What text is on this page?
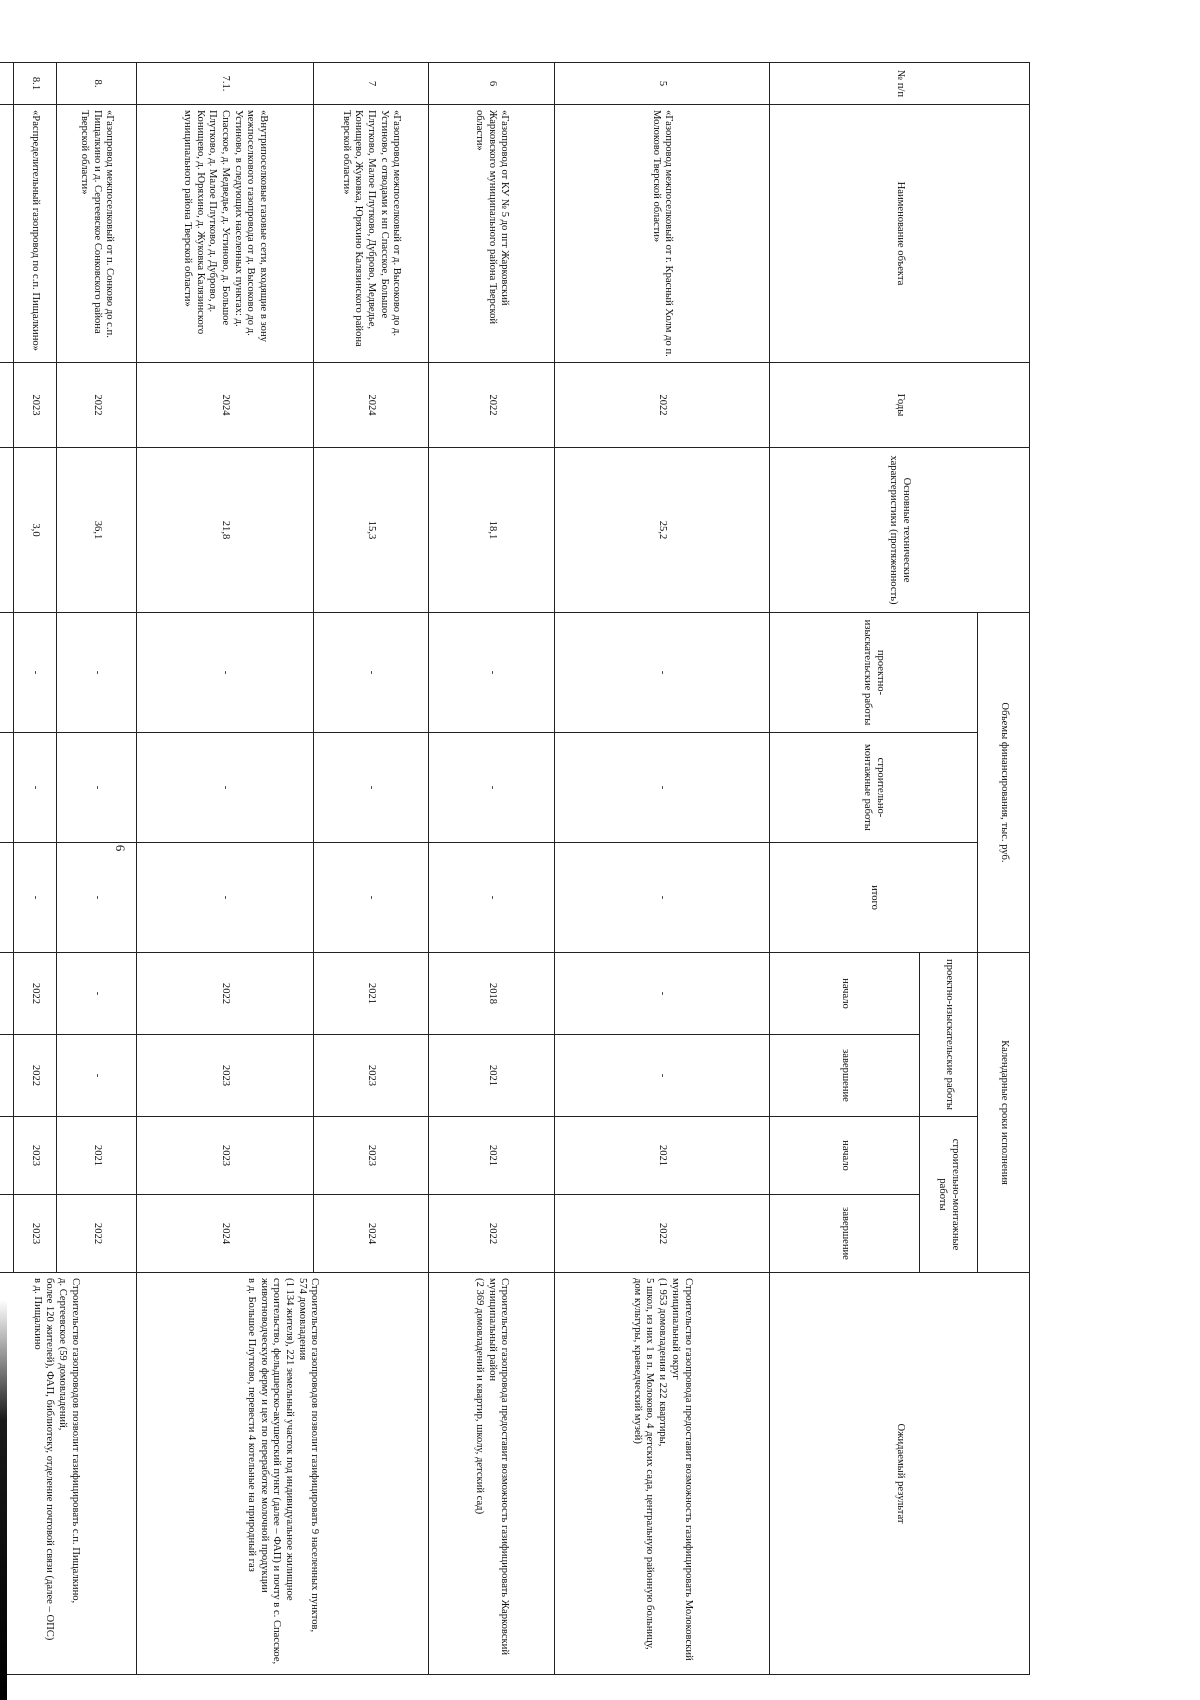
6
№ п/п	Наименование объекта	Годы	Основные технические характеристики (протяженность)	Объемы финансирования, тыс. руб.			Календарные сроки исполнения				Ожидаемый результат
				проектно-изыскательские работы	строительно-монтажные работы	итого	проектно-изыскательские работы		строительно-монтажные работы		
							начало	завершение	начало	завершение	
5	«Газопровод межпоселковый от г. Красный Холм до п. Молоково Тверской области»	2022	25,2	-	-	-	-	-	2021	2022	Строительство газопровода предоставит возможность газифицировать Молоковский муниципальный округ
(1 953 домовладения и 222 квартиры,
5 школ, из них 1 в п. Молоково, 4 детских сада, центральную районную больницу, дом культуры, краеведческий музей)
6	«Газопровод от КУ № 5 до пгт Жарковский Жарковского муниципального района Тверской области»	2022	18,1	-	-	-	2018	2021	2021	2022	Строительство газопровода предоставит возможность газифицировать Жарковский муниципальный район
(2 369 домовладений и квартир, школу, детский сад)
7	«Газопровод межпоселковый от д. Высоково до д. Устиново, с отводами к нп Спасское, Большое Плутково, Малое Плутково, Дуброво, Медведье, Конищево, Жуковка, Юряхино Калязинского района Тверской области»	2024	15,3	-	-	-	2021	2023	2023	2024	Строительство газопроводов позволит газифицировать 9 населенных пунктов,
574 домовладения
(1 134 жителя), 221 земельный участок под индивидуальное жилищное строительство, фельдшерско-акушерский пункт (далее – ФАП) и почту в с. Спасское, животноводческую ферму и цех по переработке молочной продукции
в д. Большое Плутково, перевести 4 котельные на природный газ
7.1.	«Внутрипоселковые газовые сети, входящие в зону межпоселкового газопровода от д. Высоково до д. Устиново, в следующих населенных пунктах: д. Спасское, д. Медведье, д. Устиново, д. Большое Плутково, д. Малое Плутково, д. Дуброво, д. Конищево, д. Юряхино, д. Жуковка Калязинского муниципального района Тверской области»	2024	21,8	-	-	-	2022	2023	2023	2024	
8.	«Газопровод межпоселковый от п. Сонково до с.п. Пищалкино и д. Сергеевское Сонковского района Тверской области»	2022	36,1	-	-	-	-	-	2021	2022	Строительство газопроводов позволит газифицировать с.п. Пищалкино,
д. Сергеевское (59 домовладений,
более 120 жителей), ФАП, библиотеку, отделение почтовой связи (далее – ОПС)
в д. Пищалкино
8.1	«Распределительный газопровод по с.п. Пищалкино»	2023	3,0	-	-	-	2022	2022	2023	2023	
